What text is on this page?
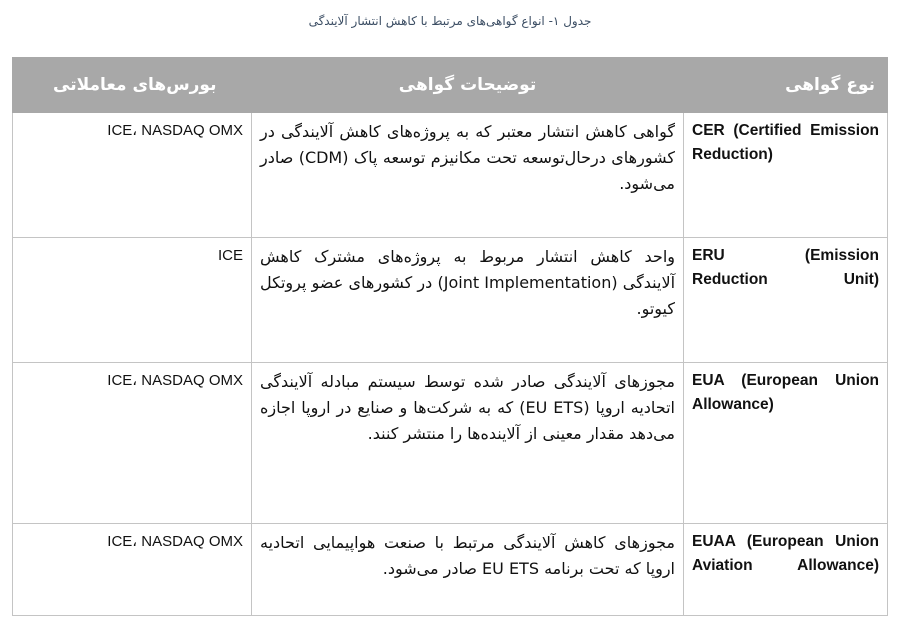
جدول ۱- انواع گواهی‌های مرتبط با کاهش انتشار آلایندگی
نوع گواهی	توضیحات گواهی	بورس‌های معاملاتی
CER (Certified Emission Reduction)	گواهی کاهش انتشار معتبر که به پروژه‌های کاهش آلایندگی در کشورهای درحال‌توسعه تحت مکانیزم توسعه پاک (CDM) صادر می‌شود.	ICE، NASDAQ OMX
ERU (Emission Reduction Unit)	واحد کاهش انتشار مربوط به پروژه‌های مشترک کاهش آلایندگی (Joint Implementation) در کشورهای عضو پروتکل کیوتو.	ICE
EUA (European Union Allowance)	مجوزهای آلایندگی صادر شده توسط سیستم مبادله آلایندگی اتحادیه اروپا (EU ETS) که به شرکت‌ها و صنایع در اروپا اجازه می‌دهد مقدار معینی از آلاینده‌ها را منتشر کنند.	ICE، NASDAQ OMX
EUAA (European Union Aviation Allowance)	مجوزهای کاهش آلایندگی مرتبط با صنعت هواپیمایی اتحادیه اروپا که تحت برنامه EU ETS صادر می‌شود.	ICE، NASDAQ OMX
